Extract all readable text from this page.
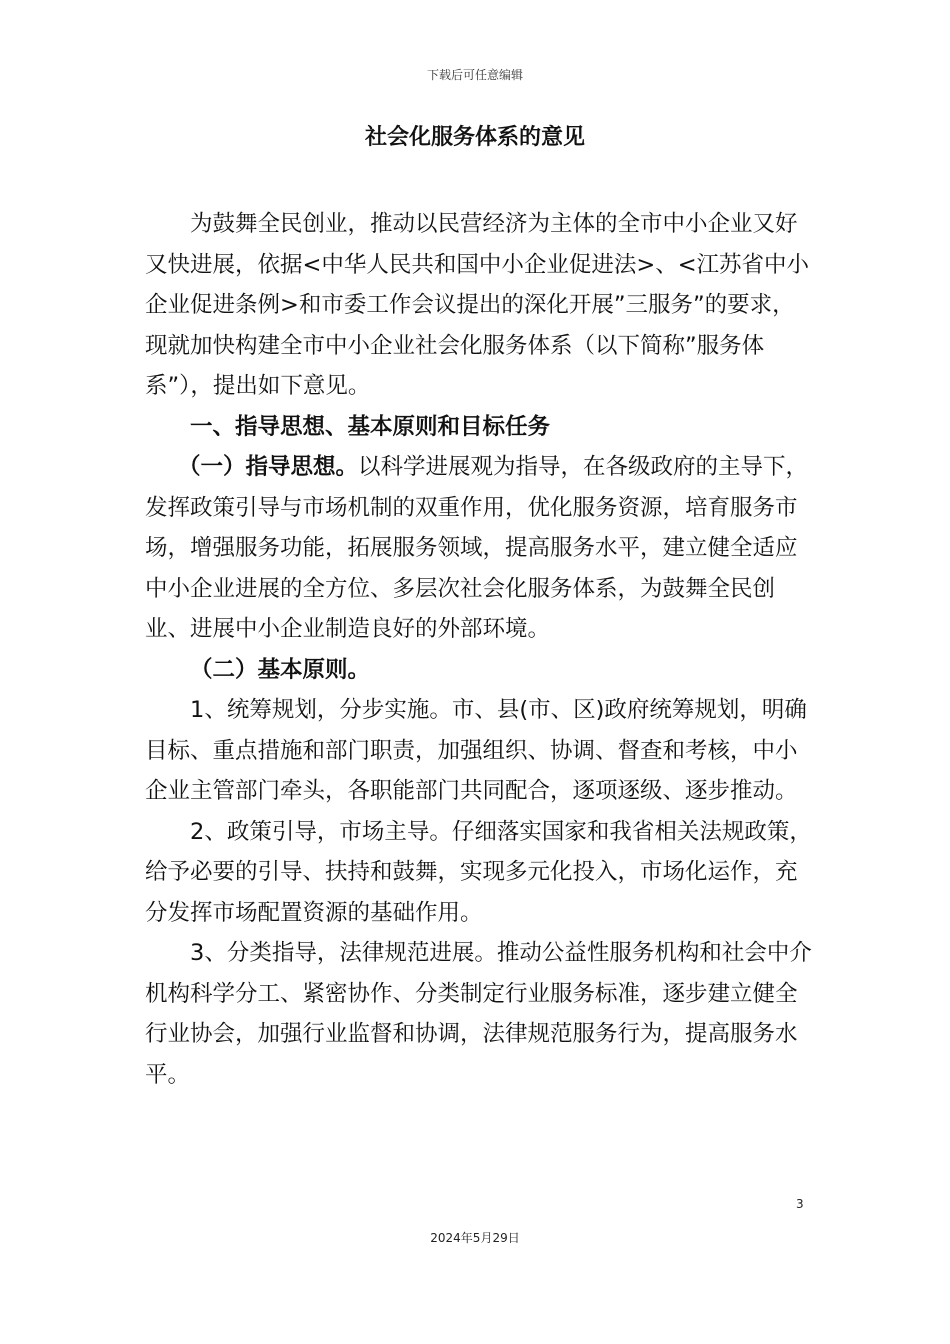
下载后可任意编辑
社会化服务体系的意见

为鼓舞全民创业，推动以民营经济为主体的全市中小企业又好又快进展，依据<中华人民共和国中小企业促进法>、<江苏省中小企业促进条例>和市委工作会议提出的深化开展”三服务”的要求，现就加快构建全市中小企业社会化服务体系（以下简称”服务体系”），提出如下意见。

一、指导思想、基本原则和目标任务

（一）指导思想。以科学进展观为指导，在各级政府的主导下，发挥政策引导与市场机制的双重作用，优化服务资源，培育服务市场，增强服务功能，拓展服务领域，提高服务水平，建立健全适应中小企业进展的全方位、多层次社会化服务体系，为鼓舞全民创业、进展中小企业制造良好的外部环境。

（二）基本原则。

1、统筹规划，分步实施。市、县(市、区)政府统筹规划，明确目标、重点措施和部门职责，加强组织、协调、督查和考核，中小企业主管部门牵头，各职能部门共同配合，逐项逐级、逐步推动。

2、政策引导，市场主导。仔细落实国家和我省相关法规政策，给予必要的引导、扶持和鼓舞，实现多元化投入，市场化运作，充分发挥市场配置资源的基础作用。

3、分类指导，法律规范进展。推动公益性服务机构和社会中介机构科学分工、紧密协作、分类制定行业服务标准，逐步建立健全行业协会，加强行业监督和协调，法律规范服务行为，提高服务水平。

3
2024年5月29日
